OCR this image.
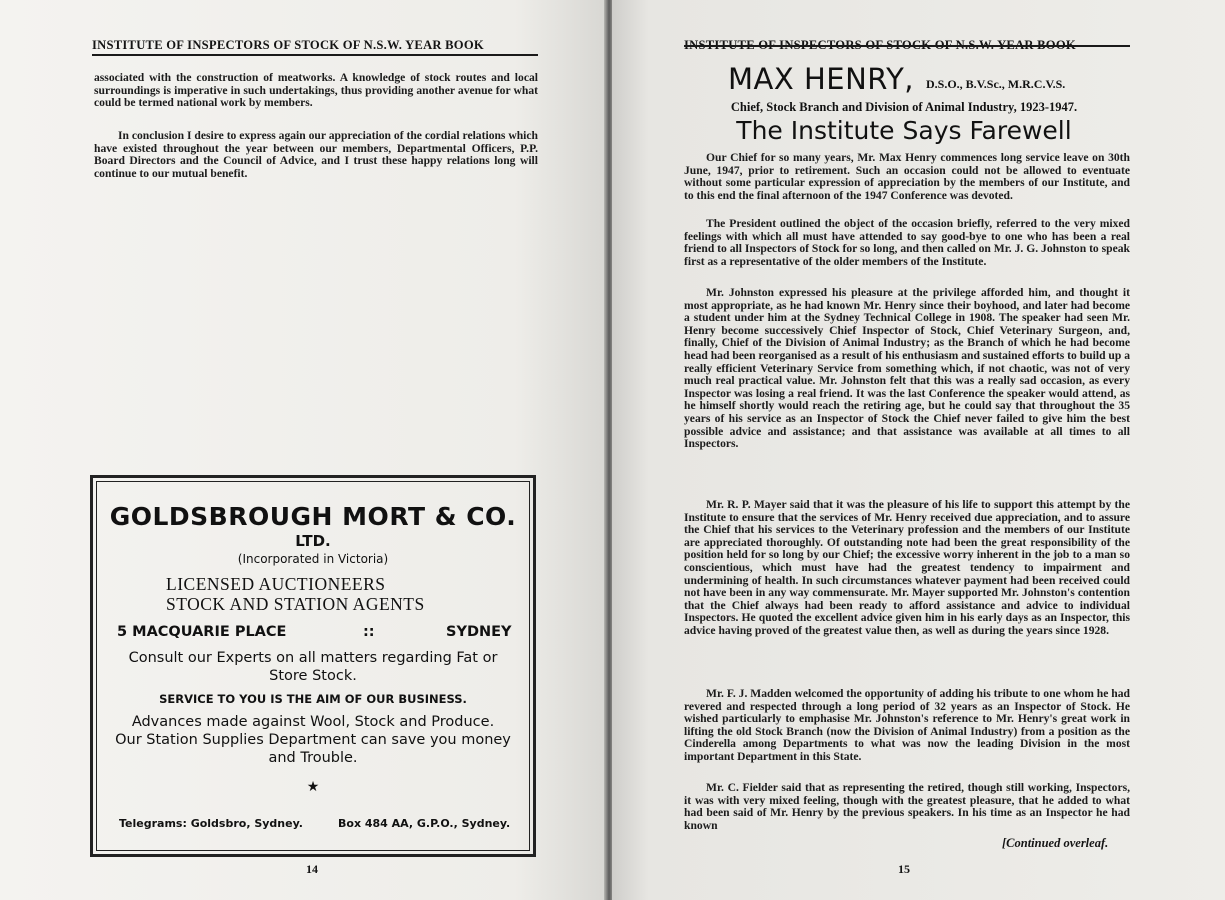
INSTITUTE OF INSPECTORS OF STOCK OF N.S.W. YEAR BOOK

associated with the construction of meatworks. A knowledge of stock routes and local surroundings is imperative in such undertakings, thus providing another avenue for what could be termed national work by members.

In conclusion I desire to express again our appreciation of the cordial relations which have existed throughout the year between our members, Departmental Officers, P.P. Board Directors and the Council of Advice, and I trust these happy relations long will continue to our mutual benefit.

GOLDSBROUGH MORT & CO.
LTD.
(Incorporated in Victoria)
LICENSED AUCTIONEERS
STOCK AND STATION AGENTS
5 MACQUARIE PLACE	::	SYDNEY
Consult our Experts on all matters regarding Fat or
Store Stock.
SERVICE TO YOU IS THE AIM OF OUR BUSINESS.
Advances made against Wool, Stock and Produce.
Our Station Supplies Department can save you money
and Trouble.
★
Telegrams: Goldsbro, Sydney.	Box 484 AA, G.P.O., Sydney.
14
INSTITUTE OF INSPECTORS OF STOCK OF N.S.W. YEAR BOOK
MAX HENRY, D.S.O., B.V.Sc., M.R.C.V.S.
Chief, Stock Branch and Division of Animal Industry, 1923-1947.
The Institute Says Farewell

Our Chief for so many years, Mr. Max Henry commences long service leave on 30th June, 1947, prior to retirement. Such an occasion could not be allowed to eventuate without some particular expression of appreciation by the members of our Institute, and to this end the final afternoon of the 1947 Conference was devoted.

The President outlined the object of the occasion briefly, referred to the very mixed feelings with which all must have attended to say good-bye to one who has been a real friend to all Inspectors of Stock for so long, and then called on Mr. J. G. Johnston to speak first as a representative of the older members of the Institute.

Mr. Johnston expressed his pleasure at the privilege afforded him, and thought it most appropriate, as he had known Mr. Henry since their boyhood, and later had become a student under him at the Sydney Technical College in 1908. The speaker had seen Mr. Henry become successively Chief Inspector of Stock, Chief Veterinary Surgeon, and, finally, Chief of the Division of Animal Industry; as the Branch of which he had become head had been reorganised as a result of his enthusiasm and sustained efforts to build up a really efficient Veterinary Service from something which, if not chaotic, was not of very much real practical value. Mr. Johnston felt that this was a really sad occasion, as every Inspector was losing a real friend. It was the last Conference the speaker would attend, as he himself shortly would reach the retiring age, but he could say that throughout the 35 years of his service as an Inspector of Stock the Chief never failed to give him the best possible advice and assistance; and that assistance was available at all times to all Inspectors.

Mr. R. P. Mayer said that it was the pleasure of his life to support this attempt by the Institute to ensure that the services of Mr. Henry received due appreciation, and to assure the Chief that his services to the Veterinary profession and the members of our Institute are appreciated thoroughly. Of outstanding note had been the great responsibility of the position held for so long by our Chief; the excessive worry inherent in the job to a man so conscientious, which must have had the greatest tendency to impairment and undermining of health. In such circumstances whatever payment had been received could not have been in any way commensurate. Mr. Mayer supported Mr. Johnston's contention that the Chief always had been ready to afford assistance and advice to individual Inspectors. He quoted the excellent advice given him in his early days as an Inspector, this advice having proved of the greatest value then, as well as during the years since 1928.

Mr. F. J. Madden welcomed the opportunity of adding his tribute to one whom he had revered and respected through a long period of 32 years as an Inspector of Stock. He wished particularly to emphasise Mr. Johnston's reference to Mr. Henry's great work in lifting the old Stock Branch (now the Division of Animal Industry) from a position as the Cinderella among Departments to what was now the leading Division in the most important Department in this State.

Mr. C. Fielder said that as representing the retired, though still working, Inspectors, it was with very mixed feeling, though with the greatest pleasure, that he added to what had been said of Mr. Henry by the previous speakers. In his time as an Inspector he had known

[Continued overleaf.
15
